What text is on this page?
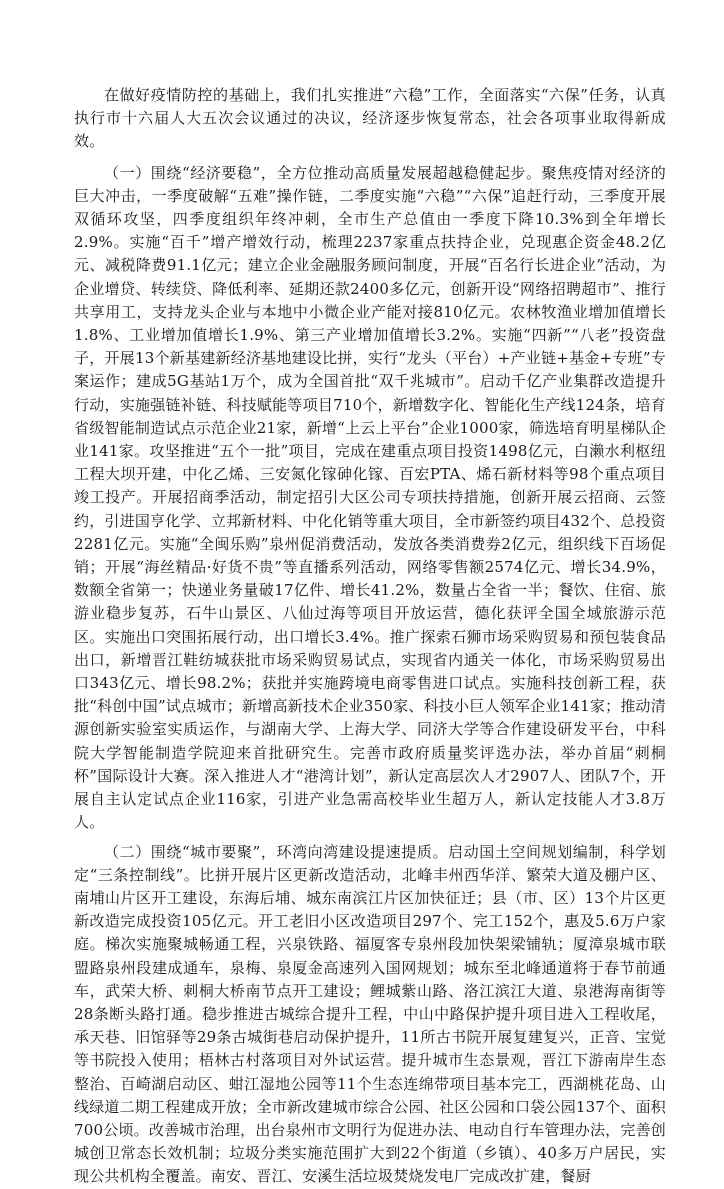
在做好疫情防控的基础上，我们扎实推进“六稳”工作，全面落实“六保”任务，认真执行市十六届人大五次会议通过的决议，经济逐步恢复常态，社会各项事业取得新成效。

（一）围绕“经济要稳”，全方位推动高质量发展超越稳健起步。聚焦疫情对经济的巨大冲击，一季度破解“五难”操作链，二季度实施“六稳”“六保”追赶行动，三季度开展双循环攻坚，四季度组织年终冲刺，全市生产总值由一季度下降10.3%到全年增长2.9%。实施“百千”增产增效行动，梳理2237家重点扶持企业，兑现惠企资金48.2亿元、减税降费91.1亿元；建立企业金融服务顾问制度，开展“百名行长进企业”活动，为企业增贷、转续贷、降低利率、延期还款2400多亿元，创新开设“网络招聘超市”、推行共享用工，支持龙头企业与本地中小微企业产能对接810亿元。农林牧渔业增加值增长1.8%、工业增加值增长1.9%、第三产业增加值增长3.2%。实施“四新”“八老”投资盘子，开展13个新基建新经济基地建设比拼，实行“龙头（平台）+产业链+基金+专班”专案运作；建成5G基站1万个，成为全国首批“双千兆城市”。启动千亿产业集群改造提升行动，实施强链补链、科技赋能等项目710个，新增数字化、智能化生产线124条，培育省级智能制造试点示范企业21家，新增“上云上平台”企业1000家，筛选培育明星梯队企业141家。攻坚推进“五个一批”项目，完成在建重点项目投资1498亿元，白濑水利枢纽工程大坝开建，中化乙烯、三安氮化镓砷化镓、百宏PTA、烯石新材料等98个重点项目竣工投产。开展招商季活动，制定招引大区公司专项扶持措施，创新开展云招商、云签约，引进国亨化学、立邦新材料、中化化销等重大项目，全市新签约项目432个、总投资2281亿元。实施“全闽乐购”泉州促消费活动，发放各类消费券2亿元，组织线下百场促销；开展“海丝精品·好货不贵”等直播系列活动，网络零售额2574亿元、增长34.9%，数额全省第一；快递业务量破17亿件、增长41.2%，数量占全省一半；餐饮、住宿、旅游业稳步复苏，石牛山景区、八仙过海等项目开放运营，德化获评全国全域旅游示范区。实施出口突围拓展行动，出口增长3.4%。推广探索石狮市场采购贸易和预包装食品出口，新增晋江鞋纺城获批市场采购贸易试点，实现省内通关一体化，市场采购贸易出口343亿元、增长98.2%；获批并实施跨境电商零售进口试点。实施科技创新工程，获批“科创中国”试点城市；新增高新技术企业350家、科技小巨人领军企业141家；推动清源创新实验室实质运作，与湖南大学、上海大学、同济大学等合作建设研发平台，中科院大学智能制造学院迎来首批研究生。完善市政府质量奖评选办法，举办首届“刺桐杯”国际设计大赛。深入推进人才“港湾计划”，新认定高层次人才2907人、团队7个，开展自主认定试点企业116家，引进产业急需高校毕业生超万人，新认定技能人才3.8万人。

（二）围绕“城市要聚”，环湾向湾建设提速提质。启动国土空间规划编制，科学划定“三条控制线”。比拼开展片区更新改造活动，北峰丰州西华洋、繁荣大道及棚户区、南埔山片区开工建设，东海后埔、城东南滨江片区加快征迁；县（市、区）13个片区更新改造完成投资105亿元。开工老旧小区改造项目297个、完工152个，惠及5.6万户家庭。梯次实施聚城畅通工程，兴泉铁路、福厦客专泉州段加快架梁铺轨；厦漳泉城市联盟路泉州段建成通车，泉梅、泉厦金高速列入国网规划；城东至北峰通道将于春节前通车，武荣大桥、刺桐大桥南节点开工建设；鲤城紫山路、洛江滨江大道、泉港海南街等28条断头路打通。稳步推进古城综合提升工程，中山中路保护提升项目进入工程收尾，承天巷、旧馆驿等29条古城街巷启动保护提升，11所古书院开展复建复兴，正音、宝觉等书院投入使用；梧林古村落项目对外试运营。提升城市生态景观，晋江下游南岸生态整治、百崎湖启动区、蚶江湿地公园等11个生态连绵带项目基本完工，西湖桃花岛、山线绿道二期工程建成开放；全市新改建城市综合公园、社区公园和口袋公园137个、面积700公顷。改善城市治理，出台泉州市文明行为促进办法、电动自行车管理办法，完善创城创卫常态长效机制；垃圾分类实施范围扩大到22个街道（乡镇）、40多万户居民，实现公共机构全覆盖。南安、晋江、安溪生活垃圾焚烧发电厂完成改扩建，餐厨
